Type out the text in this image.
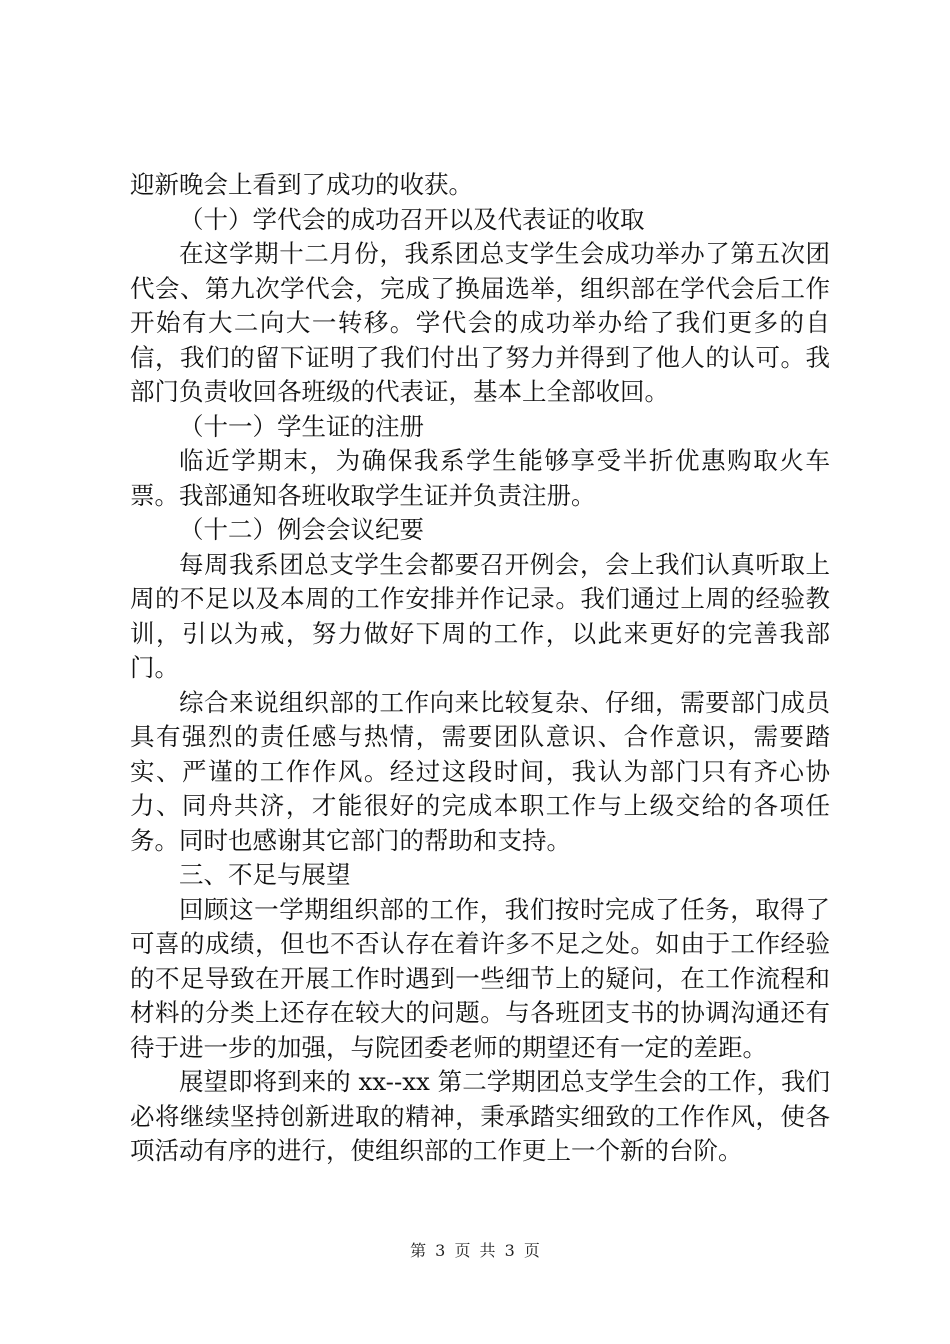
迎新晚会上看到了成功的收获。

（十）学代会的成功召开以及代表证的收取

在这学期十二月份，我系团总支学生会成功举办了第五次团代会、第九次学代会，完成了换届选举，组织部在学代会后工作开始有大二向大一转移。学代会的成功举办给了我们更多的自信，我们的留下证明了我们付出了努力并得到了他人的认可。我部门负责收回各班级的代表证，基本上全部收回。

（十一）学生证的注册

临近学期末，为确保我系学生能够享受半折优惠购取火车票。我部通知各班收取学生证并负责注册。

（十二）例会会议纪要

每周我系团总支学生会都要召开例会，会上我们认真听取上周的不足以及本周的工作安排并作记录。我们通过上周的经验教训，引以为戒，努力做好下周的工作，以此来更好的完善我部门。

综合来说组织部的工作向来比较复杂、仔细，需要部门成员具有强烈的责任感与热情，需要团队意识、合作意识，需要踏实、严谨的工作作风。经过这段时间，我认为部门只有齐心协力、同舟共济，才能很好的完成本职工作与上级交给的各项任务。同时也感谢其它部门的帮助和支持。

三、不足与展望

回顾这一学期组织部的工作，我们按时完成了任务，取得了可喜的成绩，但也不否认存在着许多不足之处。如由于工作经验的不足导致在开展工作时遇到一些细节上的疑问，在工作流程和材料的分类上还存在较大的问题。与各班团支书的协调沟通还有待于进一步的加强，与院团委老师的期望还有一定的差距。

展望即将到来的 xx--xx 第二学期团总支学生会的工作，我们必将继续坚持创新进取的精神，秉承踏实细致的工作作风，使各项活动有序的进行，使组织部的工作更上一个新的台阶。

第 3 页 共 3 页
